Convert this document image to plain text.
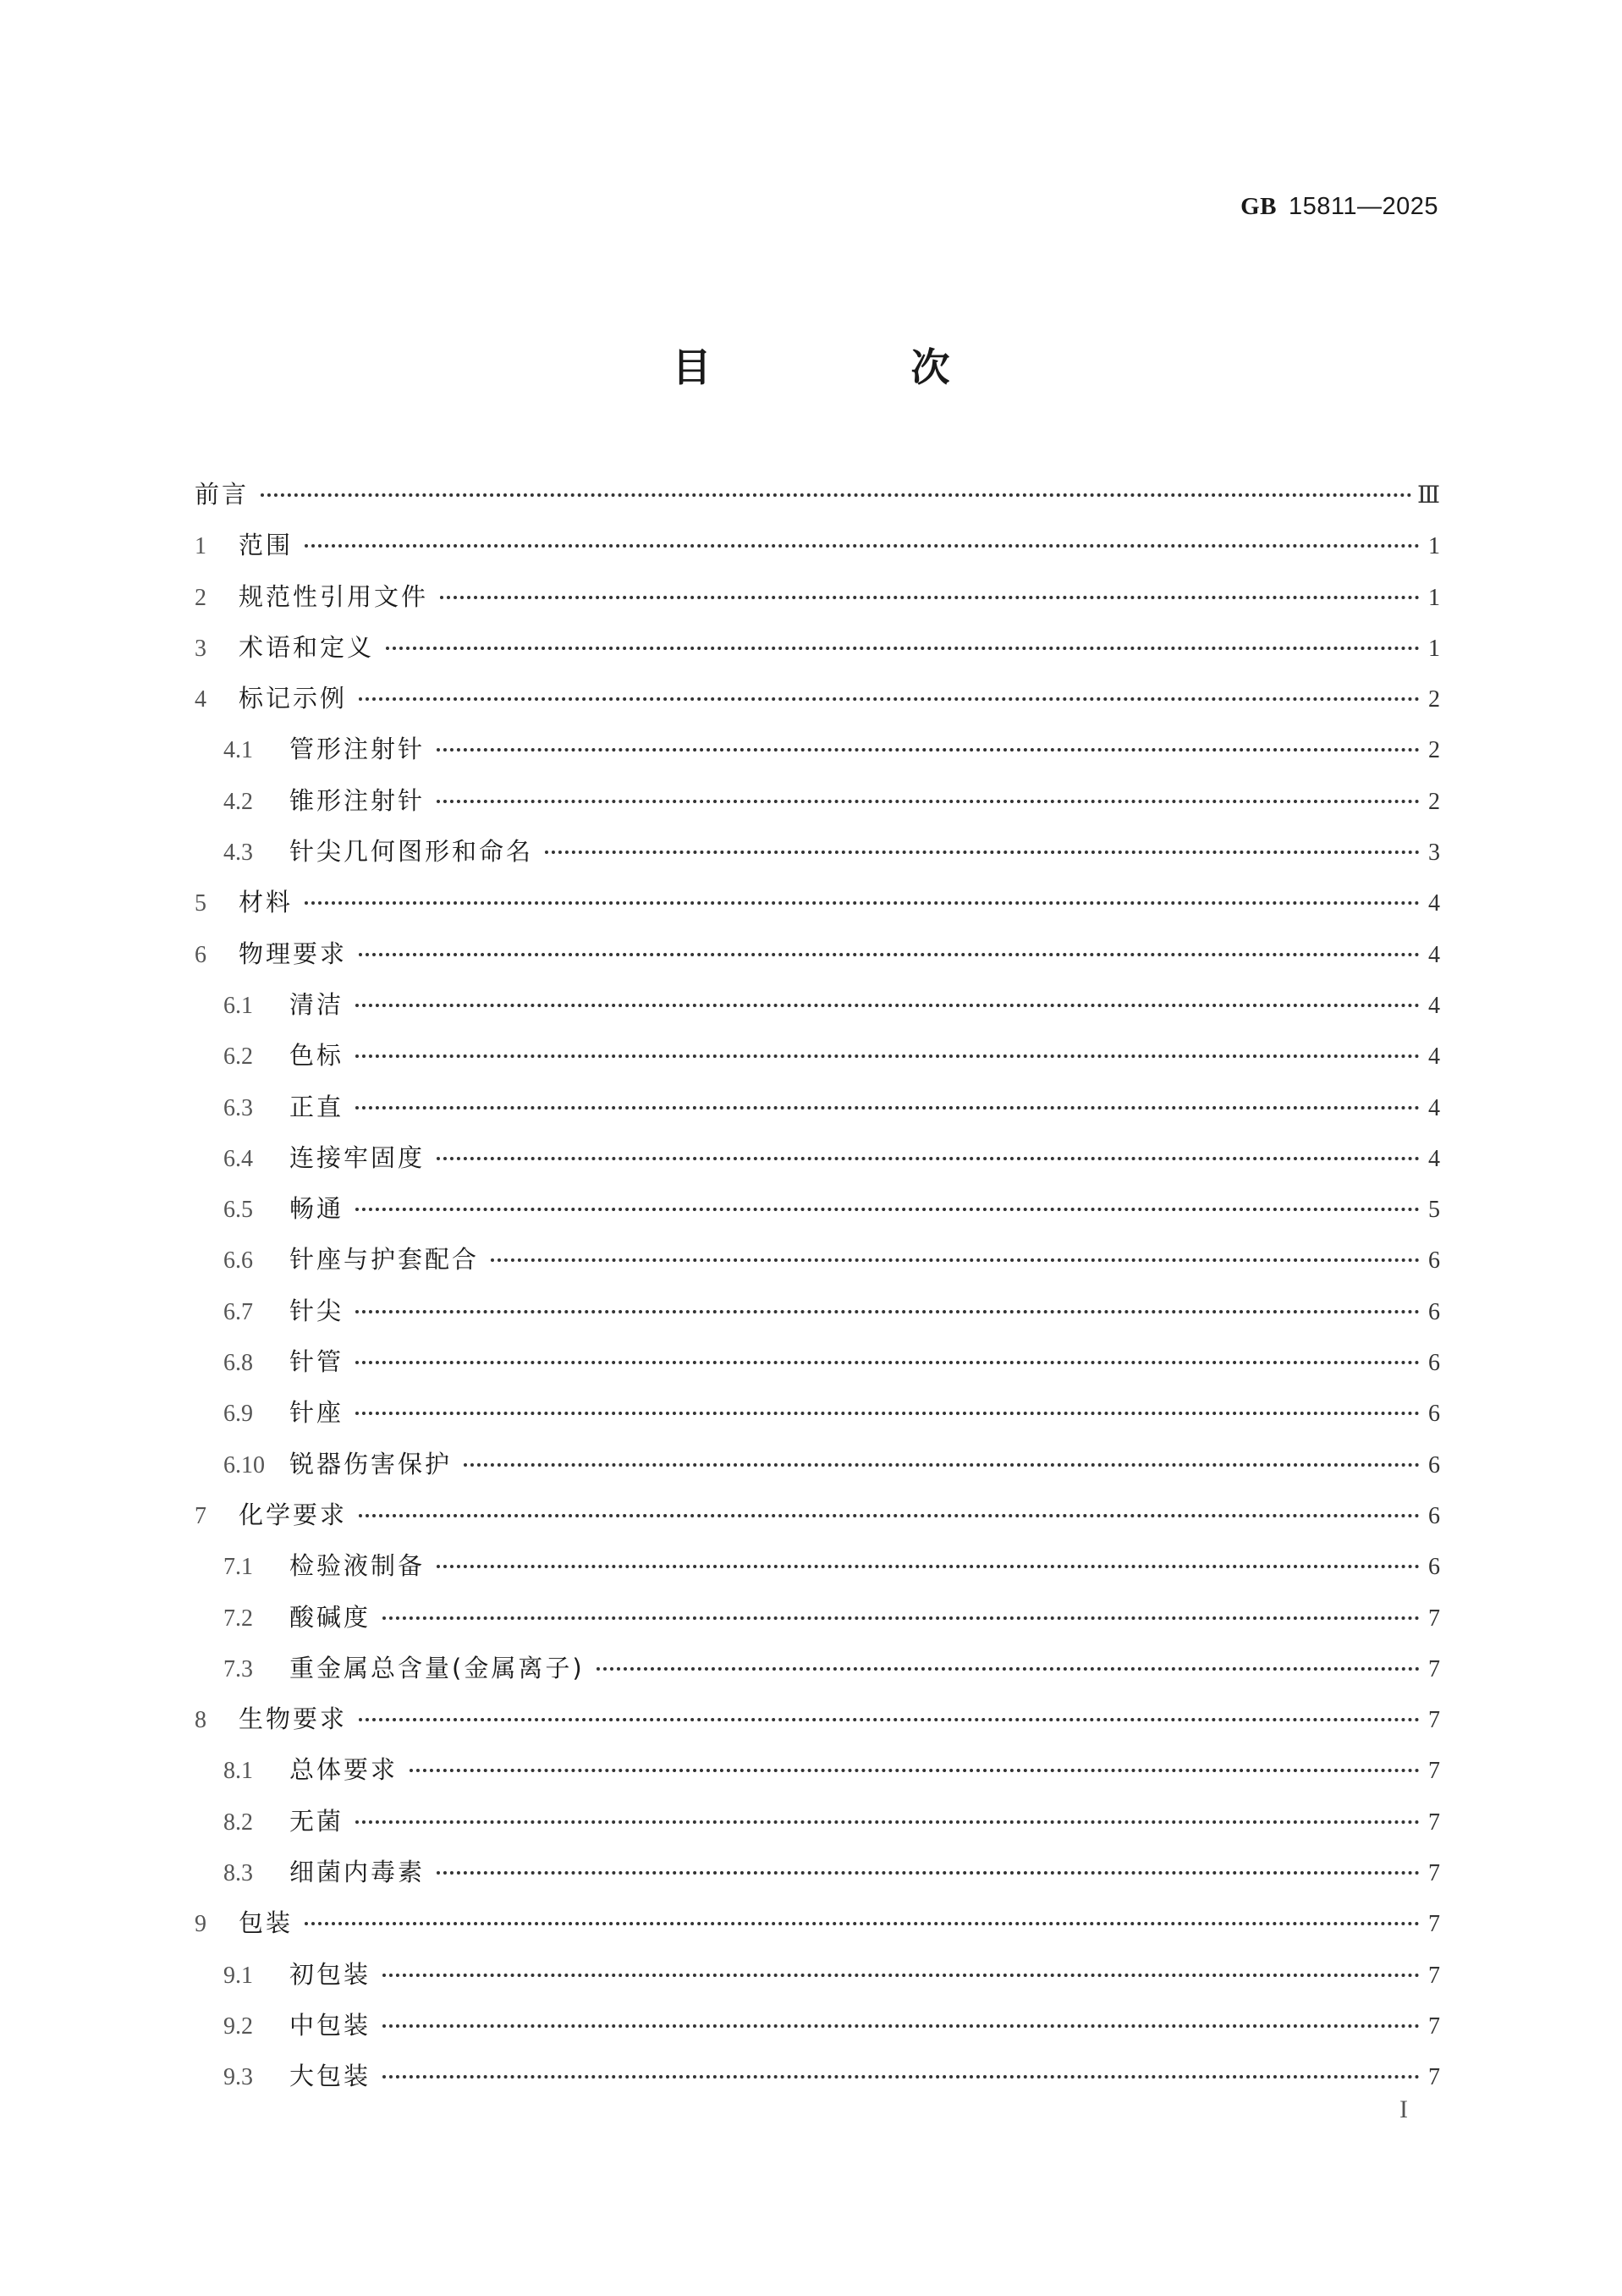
GB 15811—2025
目 次
前言	Ⅲ
1	范围	1
2	规范性引用文件	1
3	术语和定义	1
4	标记示例	2
4.1	管形注射针	2
4.2	锥形注射针	2
4.3	针尖几何图形和命名	3
5	材料	4
6	物理要求	4
6.1	清洁	4
6.2	色标	4
6.3	正直	4
6.4	连接牢固度	4
6.5	畅通	5
6.6	针座与护套配合	6
6.7	针尖	6
6.8	针管	6
6.9	针座	6
6.10	锐器伤害保护	6
7	化学要求	6
7.1	检验液制备	6
7.2	酸碱度	7
7.3	重金属总含量(金属离子)	7
8	生物要求	7
8.1	总体要求	7
8.2	无菌	7
8.3	细菌内毒素	7
9	包装	7
9.1	初包装	7
9.2	中包装	7
9.3	大包装	7
I
